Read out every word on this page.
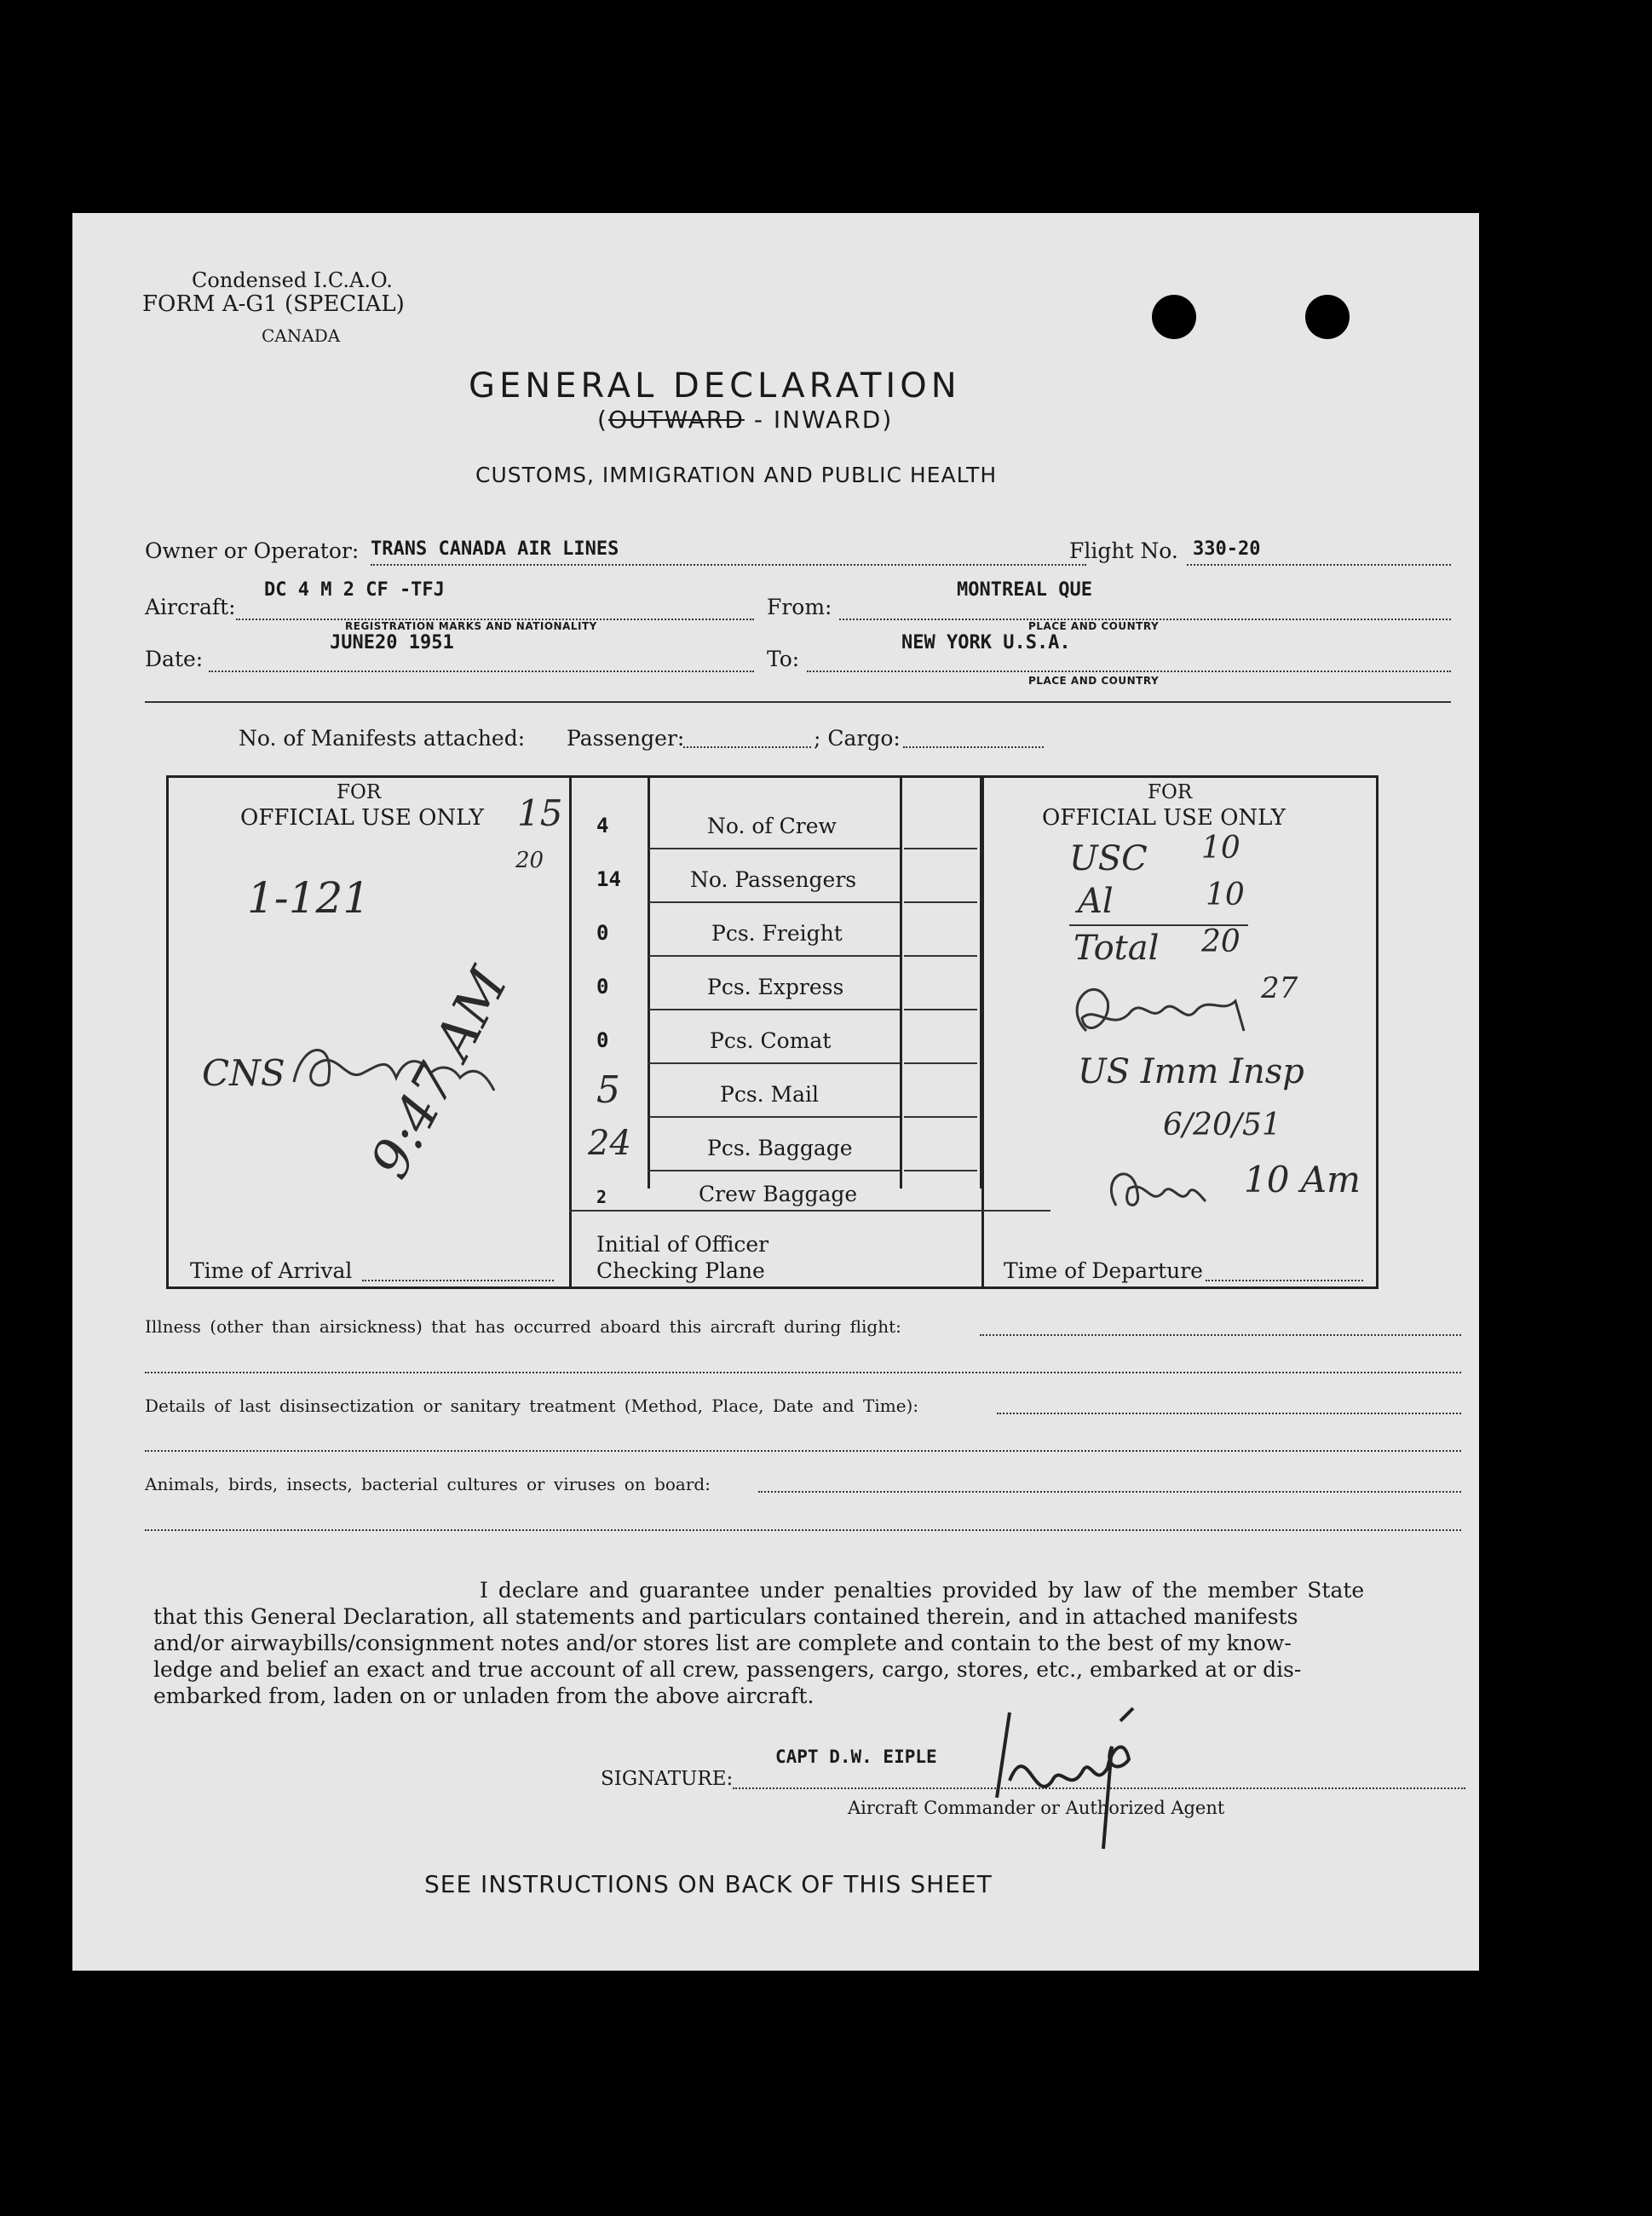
Condensed I.C.A.O.
FORM A-G1 (SPECIAL)
CANADA
GENERAL DECLARATION
(OUTWARD - INWARD)
CUSTOMS, IMMIGRATION AND PUBLIC HEALTH
Owner or Operator: TRANS CANADA AIR LINES	Flight No. 330-20
Aircraft:
DC 4 M 2 CF -TFJ
REGISTRATION MARKS AND NATIONALITY
From:
MONTREAL QUE
PLACE AND COUNTRY
Date:
JUNE20 1951
To:
NEW YORK U.S.A.
PLACE AND COUNTRY
No. of Manifests attached: Passenger:	; Cargo:
FOR
OFFICIAL USE ONLY
FOR
OFFICIAL USE ONLY
4	No. of Crew
14	No. Passengers
0	Pcs. Freight
0	Pcs. Express
0	Pcs. Comat
5	Pcs. Mail
24	Pcs. Baggage
2	Crew Baggage
Time of Arrival
Initial of Officer
Checking Plane	Time of Departure
15
20
1-121
CNS 9:47 AM
USC 10
Al	10
Total 20
27
US Imm Insp
6/20/51
10 Am
Illness (other than airsickness) that has occurred aboard this aircraft during flight:
Details of last disinsectization or sanitary treatment (Method, Place, Date and Time):
Animals, birds, insects, bacterial cultures or viruses on board:
I declare and guarantee under penalties provided by law of the member State
that this General Declaration, all statements and particulars contained therein, and in attached manifests
and/or airwaybills/consignment notes and/or stores list are complete and contain to the best of my know-
ledge and belief an exact and true account of all crew, passengers, cargo, stores, etc., embarked at or dis-
embarked from, laden on or unladen from the above aircraft.
SIGNATURE:
CAPT D.W. EIPLE
Aircraft Commander or Authorized Agent
SEE INSTRUCTIONS ON BACK OF THIS SHEET
